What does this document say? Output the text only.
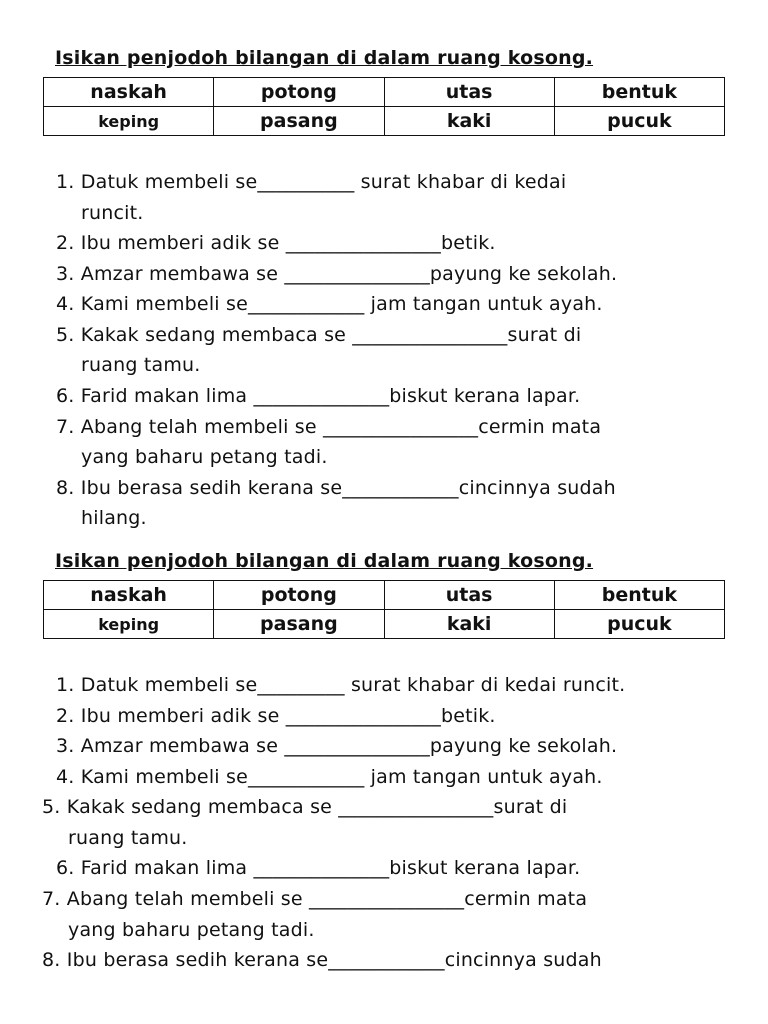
Isikan penjodoh bilangan di dalam ruang kosong.
naskah	potong	utas	bentuk
keping	pasang	kaki	pucuk
1. Datuk membeli se__________ surat khabar di kedai
runcit.
2. Ibu memberi adik se ________________betik.
3. Amzar membawa se _______________payung ke sekolah.
4. Kami membeli se____________ jam tangan untuk ayah.
5. Kakak sedang membaca se ________________surat di
ruang tamu.
6. Farid makan lima ______________biskut kerana lapar.
7. Abang telah membeli se ________________cermin mata
yang baharu petang tadi.
8. Ibu berasa sedih kerana se____________cincinnya sudah
hilang.
Isikan penjodoh bilangan di dalam ruang kosong.
naskah	potong	utas	bentuk
keping	pasang	kaki	pucuk
1. Datuk membeli se_________ surat khabar di kedai runcit.
2. Ibu memberi adik se ________________betik.
3. Amzar membawa se _______________payung ke sekolah.
4. Kami membeli se____________ jam tangan untuk ayah.
5. Kakak sedang membaca se ________________surat di
ruang tamu.
6. Farid makan lima ______________biskut kerana lapar.
7. Abang telah membeli se ________________cermin mata
yang baharu petang tadi.
8. Ibu berasa sedih kerana se____________cincinnya sudah
